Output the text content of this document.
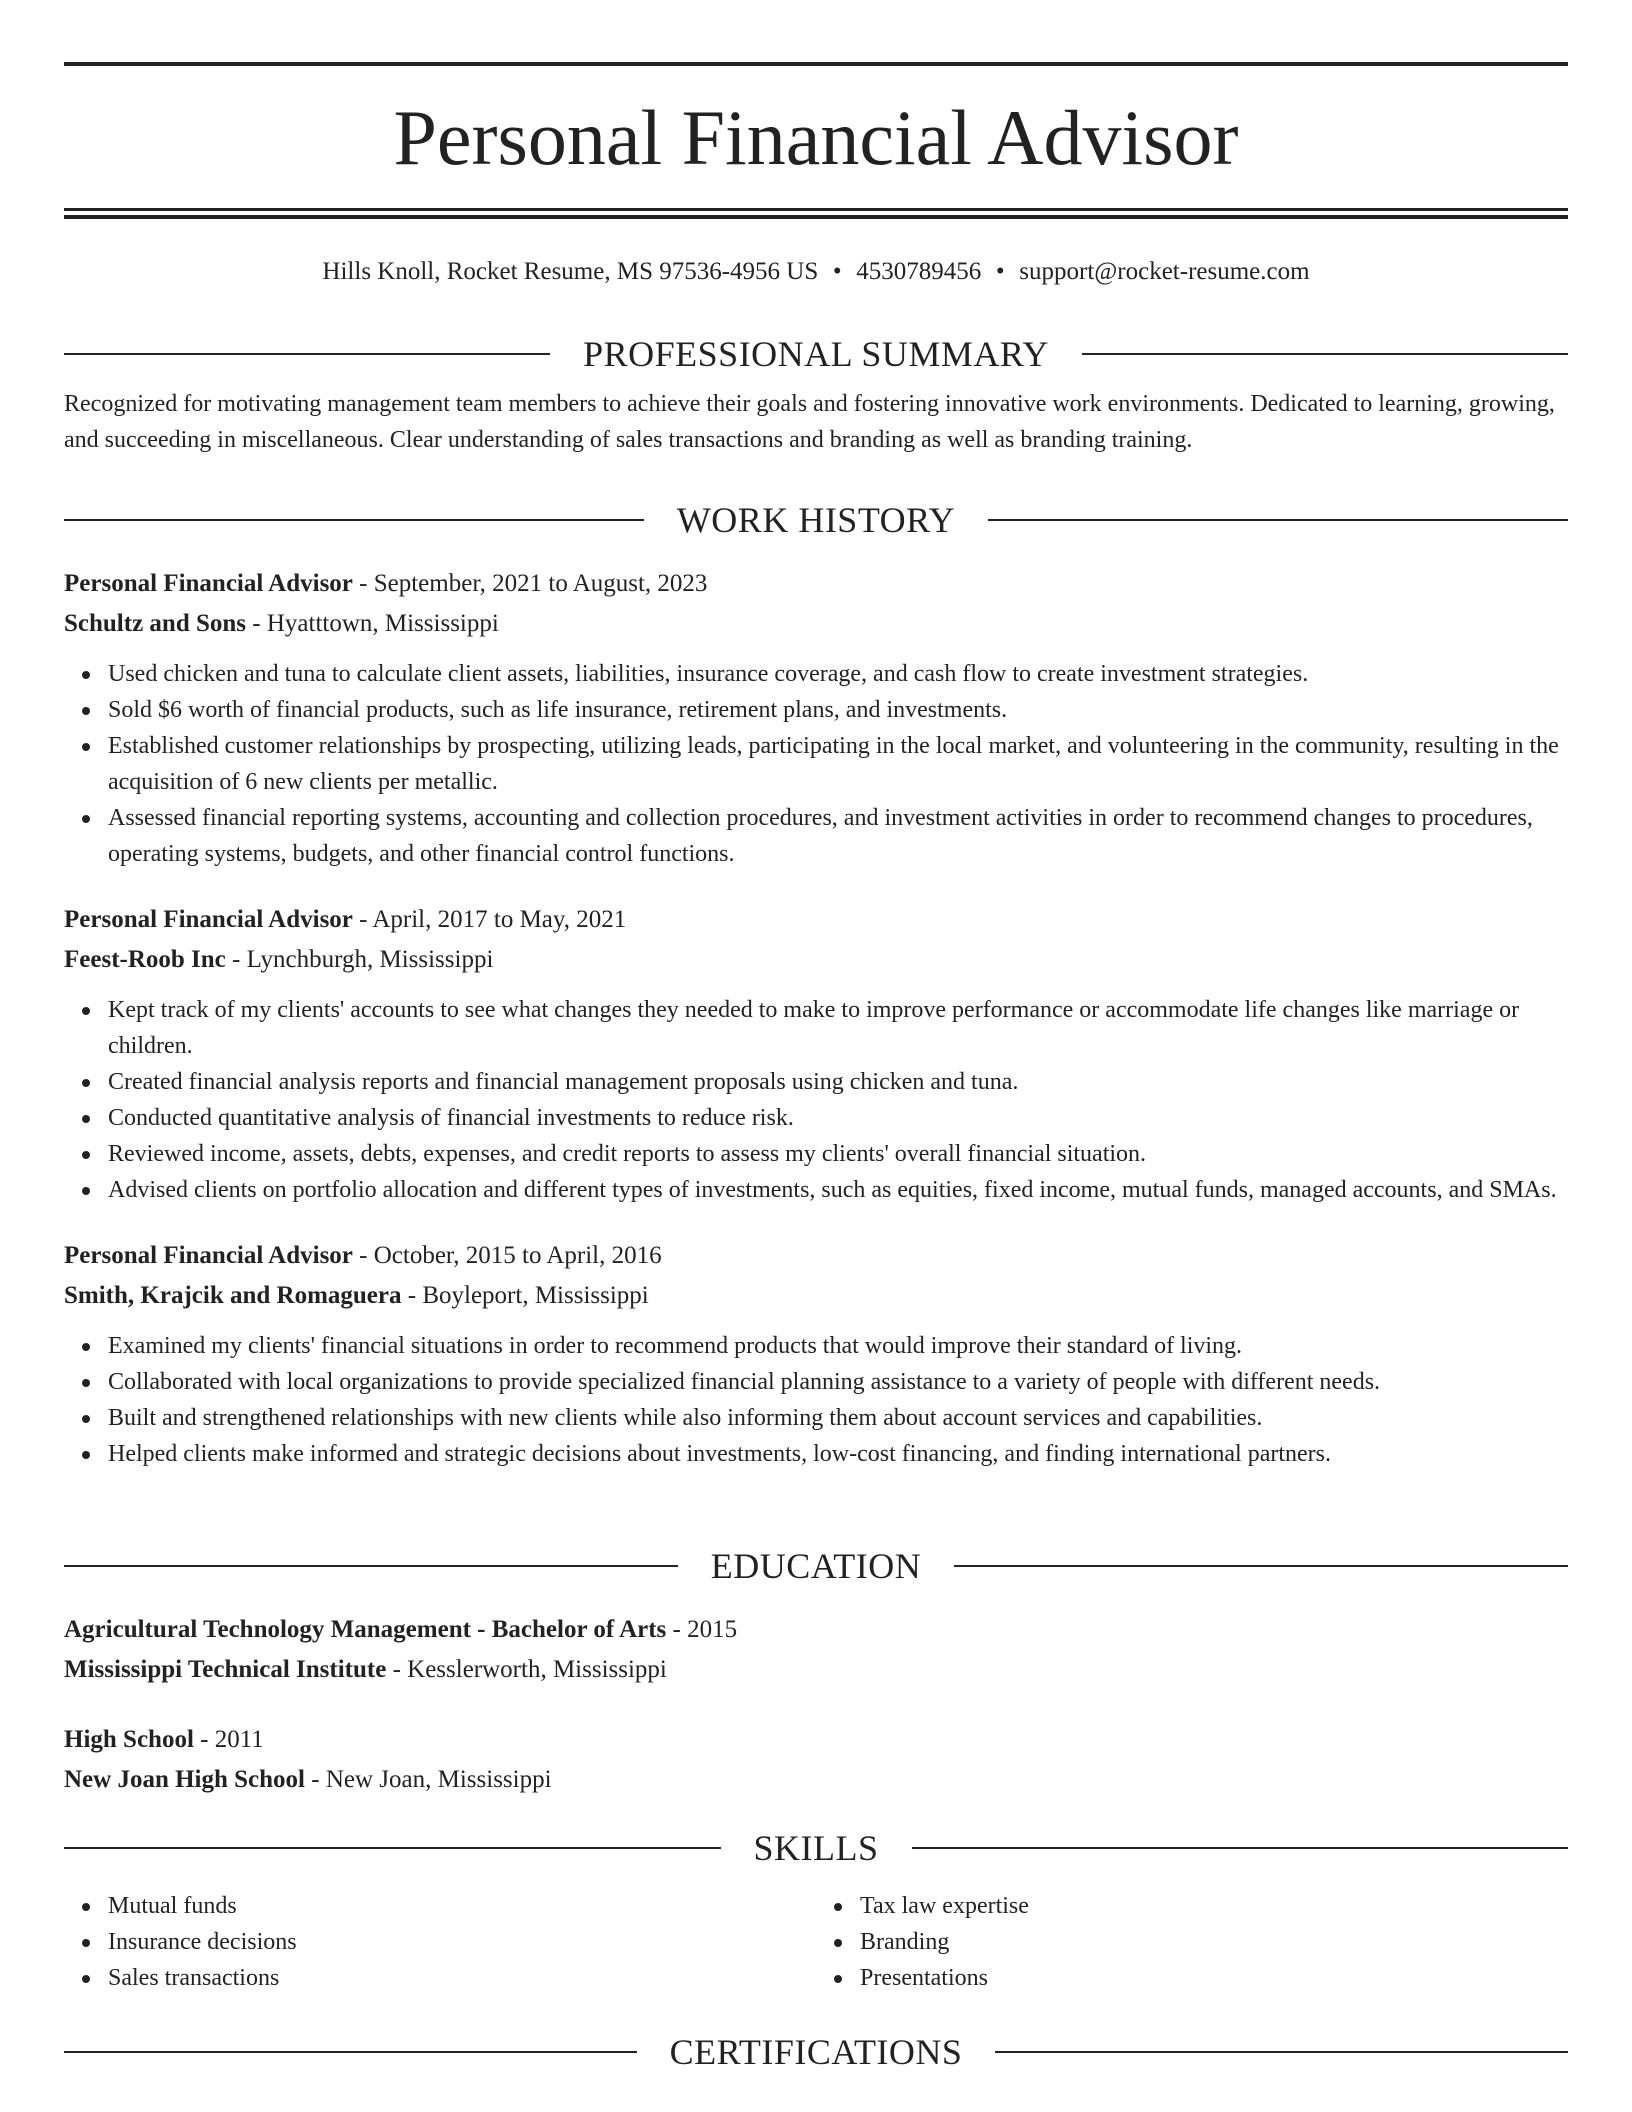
Personal Financial Advisor
Hills Knoll, Rocket Resume, MS 97536-4956 US • 4530789456 • support@rocket-resume.com
PROFESSIONAL SUMMARY

Recognized for motivating management team members to achieve their goals and fostering innovative work environments. Dedicated to learning, growing, and succeeding in miscellaneous. Clear understanding of sales transactions and branding as well as branding training.

WORK HISTORY
Personal Financial Advisor - September, 2021 to August, 2023
Schultz and Sons - Hyatttown, Mississippi
Used chicken and tuna to calculate client assets, liabilities, insurance coverage, and cash flow to create investment strategies.
Sold $6 worth of financial products, such as life insurance, retirement plans, and investments.
Established customer relationships by prospecting, utilizing leads, participating in the local market, and volunteering in the community, resulting in the acquisition of 6 new clients per metallic.
Assessed financial reporting systems, accounting and collection procedures, and investment activities in order to recommend changes to procedures, operating systems, budgets, and other financial control functions.
Personal Financial Advisor - April, 2017 to May, 2021
Feest-Roob Inc - Lynchburgh, Mississippi
Kept track of my clients' accounts to see what changes they needed to make to improve performance or accommodate life changes like marriage or children.
Created financial analysis reports and financial management proposals using chicken and tuna.
Conducted quantitative analysis of financial investments to reduce risk.
Reviewed income, assets, debts, expenses, and credit reports to assess my clients' overall financial situation.
Advised clients on portfolio allocation and different types of investments, such as equities, fixed income, mutual funds, managed accounts, and SMAs.
Personal Financial Advisor - October, 2015 to April, 2016
Smith, Krajcik and Romaguera - Boyleport, Mississippi
Examined my clients' financial situations in order to recommend products that would improve their standard of living.
Collaborated with local organizations to provide specialized financial planning assistance to a variety of people with different needs.
Built and strengthened relationships with new clients while also informing them about account services and capabilities.
Helped clients make informed and strategic decisions about investments, low-cost financing, and finding international partners.
EDUCATION
Agricultural Technology Management - Bachelor of Arts - 2015
Mississippi Technical Institute - Kesslerworth, Mississippi
High School - 2011
New Joan High School - New Joan, Mississippi
SKILLS
Mutual funds
Insurance decisions
Sales transactions
Tax law expertise
Branding
Presentations
CERTIFICATIONS
